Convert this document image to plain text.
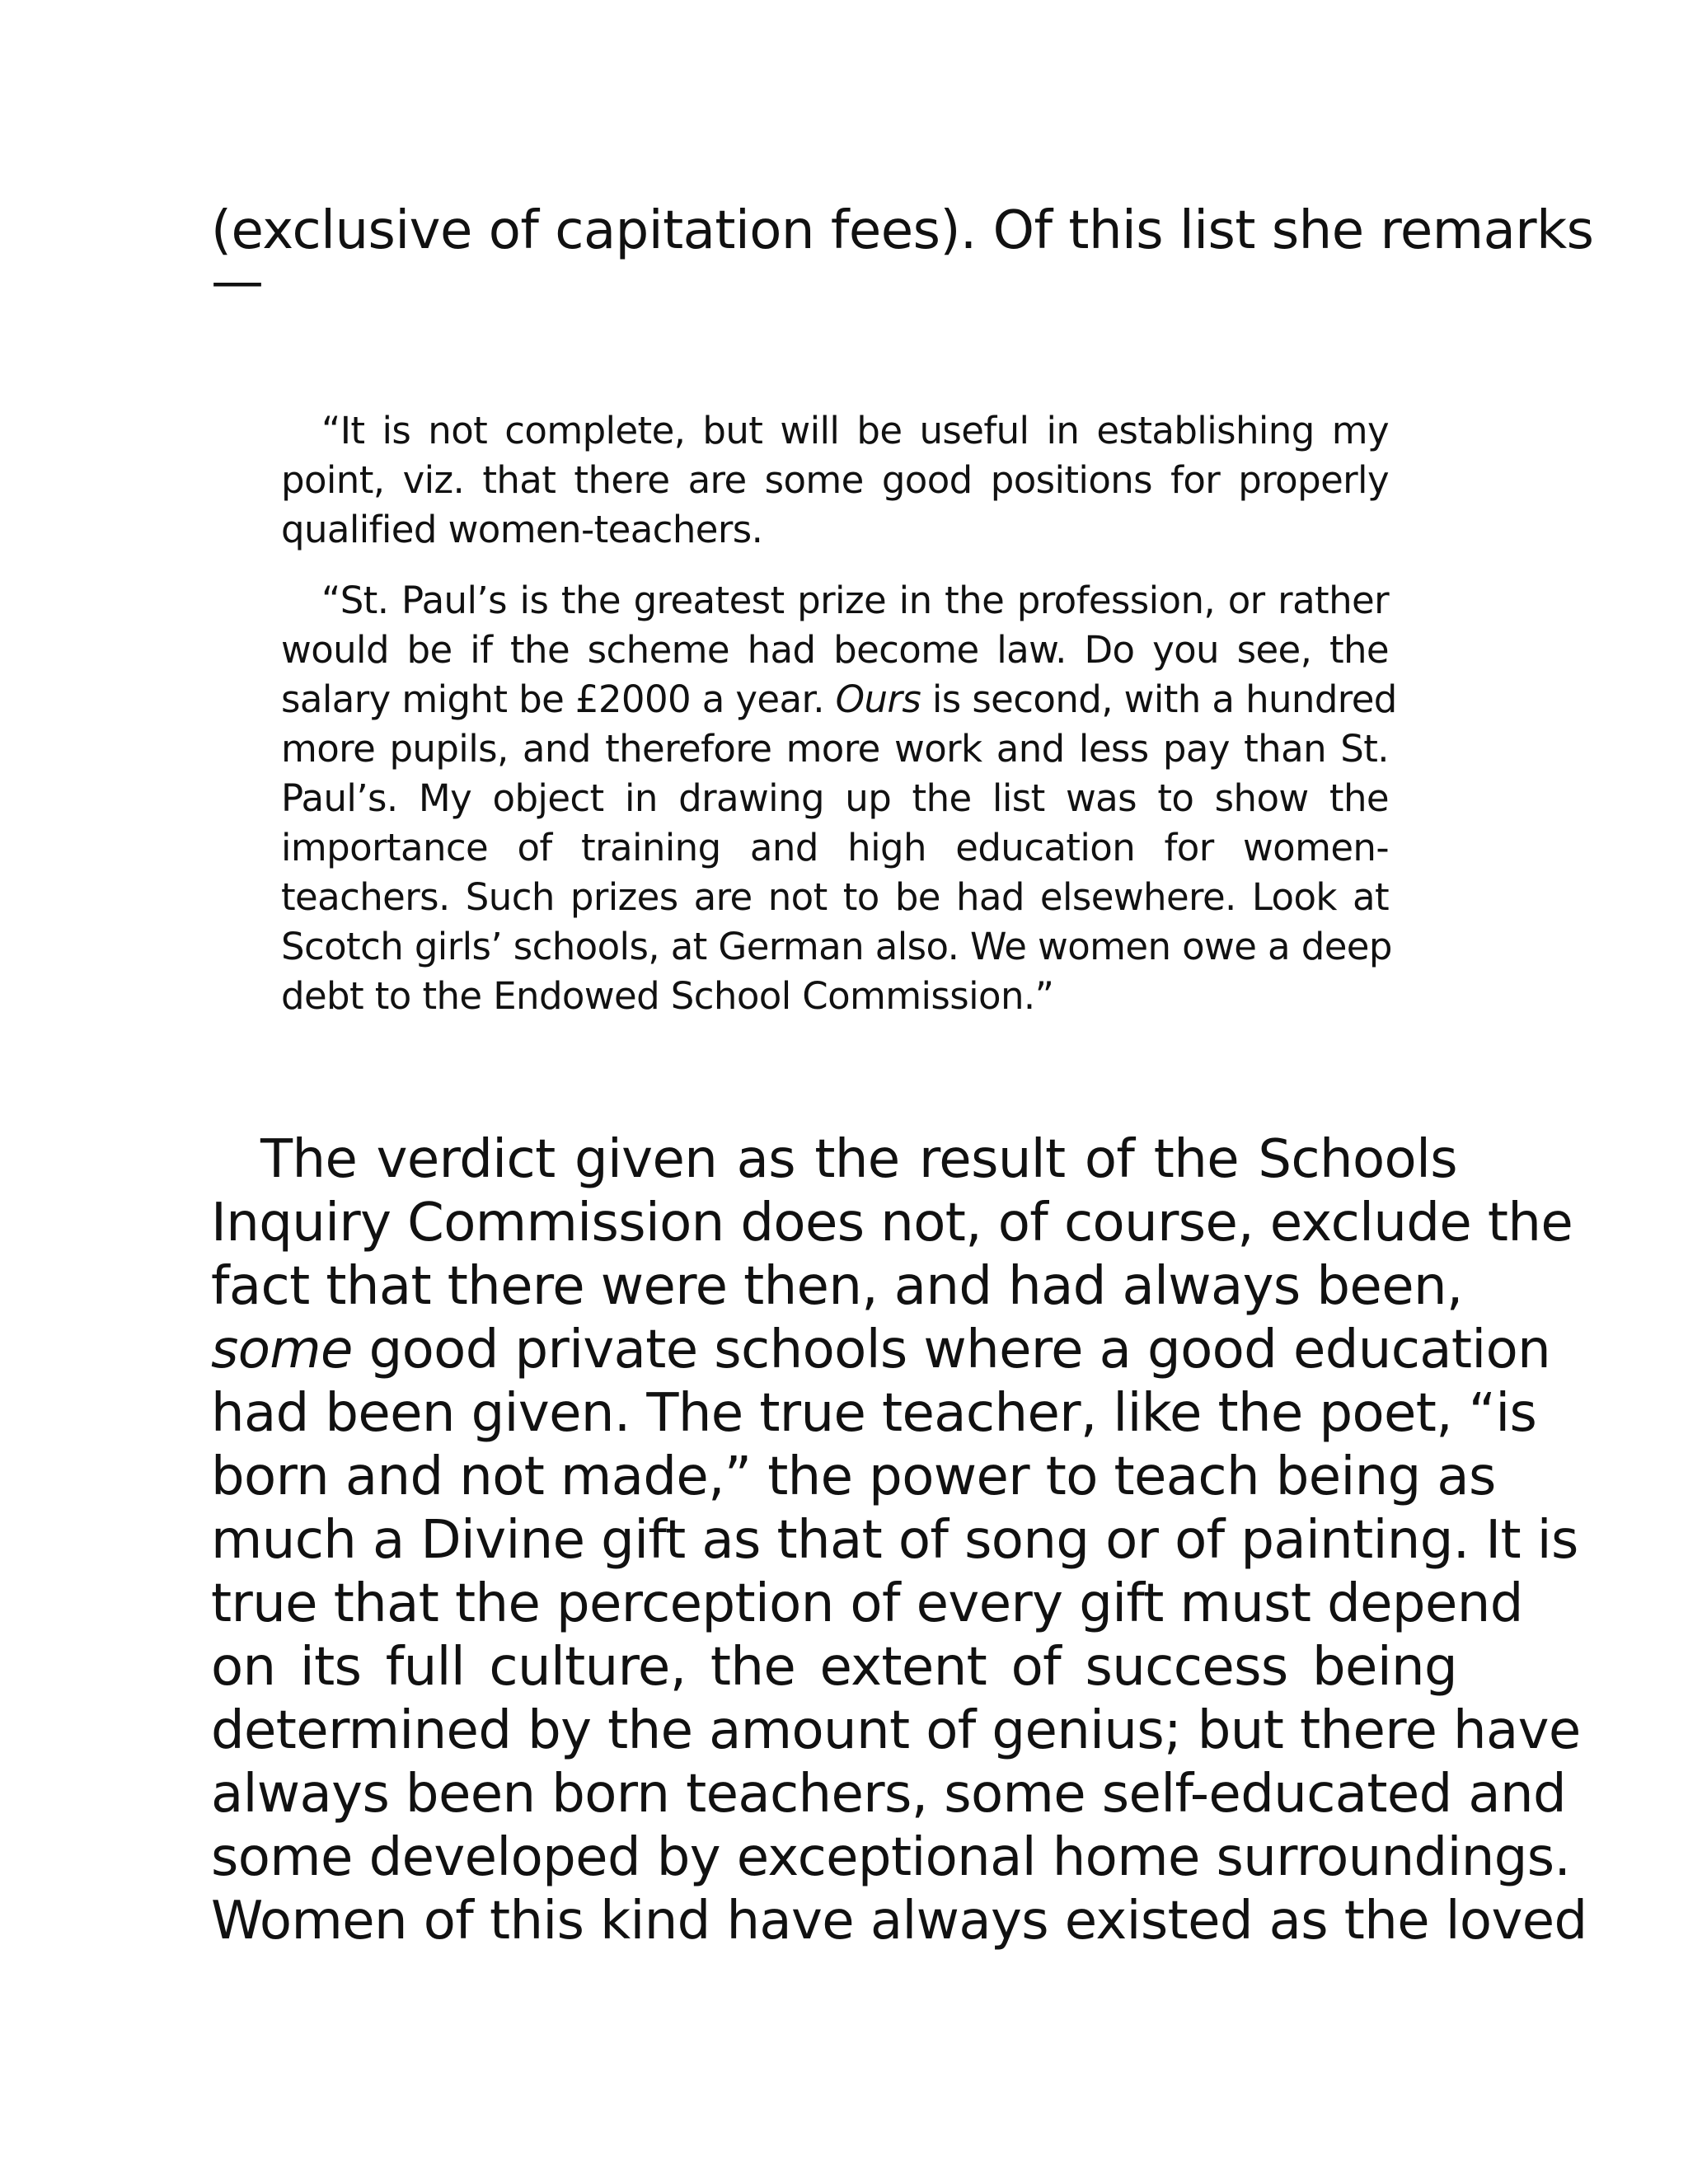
(exclusive of capitation fees). Of this list she remarks
—
“It is not complete, but will be useful in establishing my
point, viz. that there are some good positions for properly
qualified women-teachers.
“St. Paul’s is the greatest prize in the profession, or rather
would be if the scheme had become law. Do you see, the
salary might be £2000 a year. Ours is second, with a hundred
more pupils, and therefore more work and less pay than St.
Paul’s. My object in drawing up the list was to show the
importance of training and high education for women-
teachers. Such prizes are not to be had elsewhere. Look at
Scotch girls’ schools, at German also. We women owe a deep
debt to the Endowed School Commission.”
The verdict given as the result of the Schools
Inquiry Commission does not, of course, exclude the
fact that there were then, and had always been,
some good private schools where a good education
had been given. The true teacher, like the poet, “is
born and not made,” the power to teach being as
much a Divine gift as that of song or of painting. It is
true that the perception of every gift must depend
on its full culture, the extent of success being
determined by the amount of genius; but there have
always been born teachers, some self-educated and
some developed by exceptional home surroundings.
Women of this kind have always existed as the loved
